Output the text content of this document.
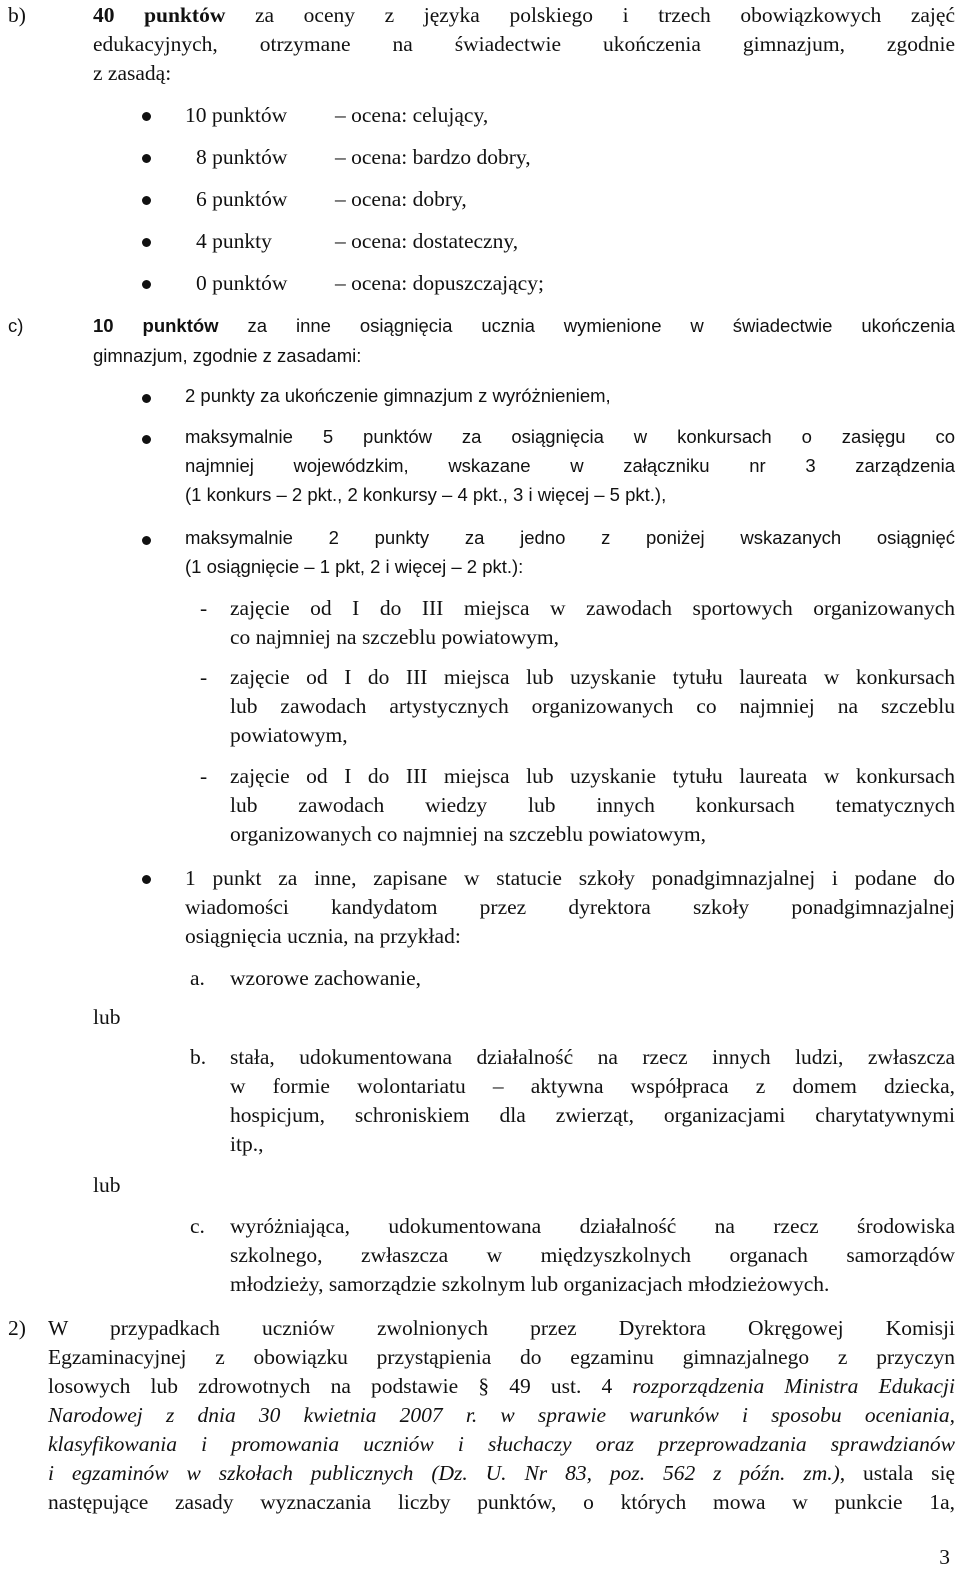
b)	40 punktów za oceny z języka polskiego i trzech obowiązkowych zajęć
edukacyjnych, otrzymane na świadectwie ukończenia gimnazjum, zgodnie
z zasadą:
10 punktów – ocena: celujący,
8 punktów – ocena: bardzo dobry,
6 punktów – ocena: dobry,
4 punkty	– ocena: dostateczny,
0 punktów – ocena: dopuszczający;
c)	10 punktów za inne osiągnięcia ucznia wymienione w świadectwie ukończenia
gimnazjum, zgodnie z zasadami:
2 punkty za ukończenie gimnazjum z wyróżnieniem,
maksymalnie 5 punktów za osiągnięcia w konkursach o zasięgu co
najmniej wojewódzkim, wskazane w załączniku nr 3 zarządzenia
(1 konkurs – 2 pkt., 2 konkursy – 4 pkt., 3 i więcej – 5 pkt.),
maksymalnie 2 punkty za jedno z poniżej wskazanych osiągnięć
(1 osiągnięcie – 1 pkt, 2 i więcej – 2 pkt.):
- zajęcie od I do III miejsca w zawodach sportowych organizowanych
co najmniej na szczeblu powiatowym,
- zajęcie od I do III miejsca lub uzyskanie tytułu laureata w konkursach
lub zawodach artystycznych organizowanych co najmniej na szczeblu
powiatowym,
- zajęcie od I do III miejsca lub uzyskanie tytułu laureata w konkursach
lub zawodach wiedzy lub innych konkursach tematycznych
organizowanych co najmniej na szczeblu powiatowym,
1 punkt za inne, zapisane w statucie szkoły ponadgimnazjalnej i podane do
wiadomości kandydatom przez dyrektora szkoły ponadgimnazjalnej
osiągnięcia ucznia, na przykład:
lub
lub
a. wzorowe zachowanie,
b. stała, udokumentowana działalność na rzecz innych ludzi, zwłaszcza
w formie wolontariatu – aktywna współpraca z domem dziecka,
hospicjum, schroniskiem dla zwierząt, organizacjami charytatywnymi
itp.,
c. wyróżniająca, udokumentowana działalność na rzecz środowiska
szkolnego, zwłaszcza w międzyszkolnych organach samorządów
młodzieży, samorządzie szkolnym lub organizacjach młodzieżowych.
2) W przypadkach uczniów zwolnionych przez Dyrektora Okręgowej Komisji
Egzaminacyjnej z obowiązku przystąpienia do egzaminu gimnazjalnego z przyczyn
losowych lub zdrowotnych na podstawie § 49 ust. 4 rozporządzenia Ministra Edukacji
Narodowej z dnia 30 kwietnia 2007 r. w sprawie warunków i sposobu oceniania,
klasyfikowania i promowania uczniów i słuchaczy oraz przeprowadzania sprawdzianów
i egzaminów w szkołach publicznych (Dz. U. Nr 83, poz. 562 z późn. zm.), ustala się
następujące zasady wyznaczania liczby punktów, o których mowa w punkcie 1a,
3
